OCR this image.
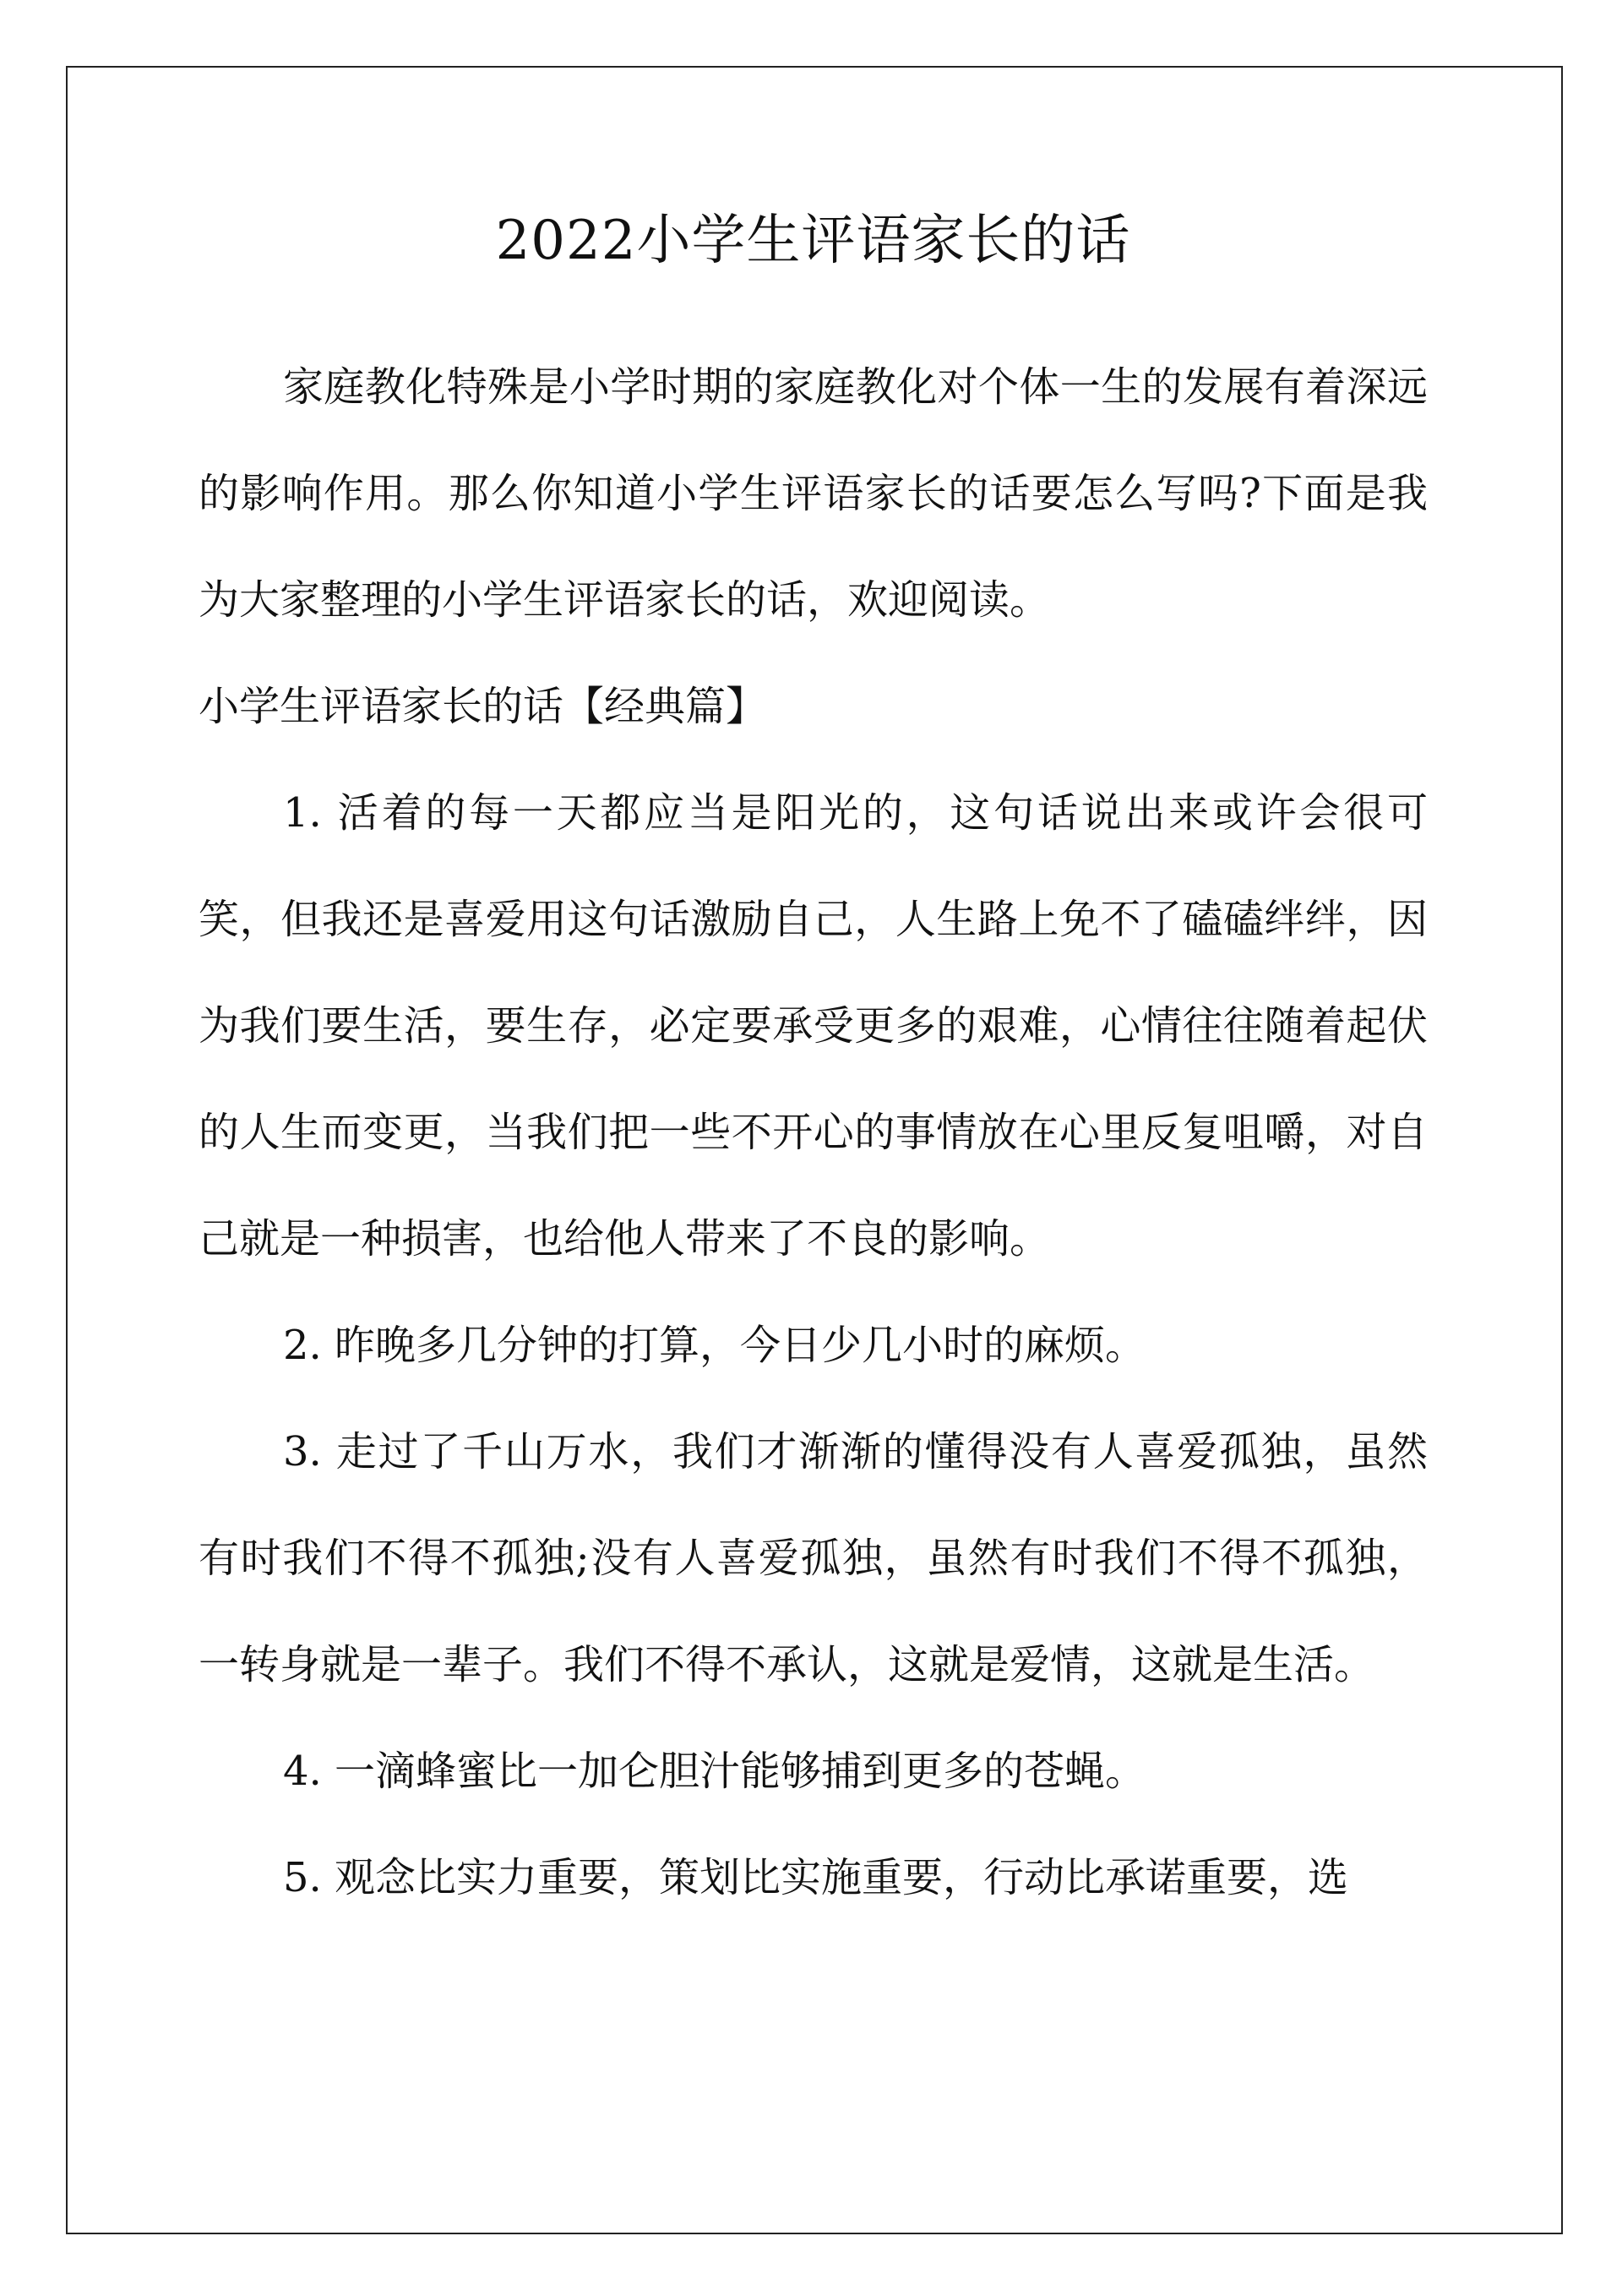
2022小学生评语家长的话

家庭教化特殊是小学时期的家庭教化对个体一生的发展有着深远的影响作用。那么你知道小学生评语家长的话要怎么写吗?下面是我为大家整理的小学生评语家长的话，欢迎阅读。

小学生评语家长的话【经典篇】

1. 活着的每一天都应当是阳光的，这句话说出来或许会很可笑，但我还是喜爱用这句话激励自己，人生路上免不了磕磕绊绊，因为我们要生活，要生存，必定要承受更多的艰难，心情往往随着起伏的人生而变更，当我们把一些不开心的事情放在心里反复咀嚼，对自己就是一种损害，也给他人带来了不良的影响。

2. 昨晚多几分钟的打算，今日少几小时的麻烦。

3. 走过了千山万水，我们才渐渐的懂得没有人喜爱孤独，虽然有时我们不得不孤独;没有人喜爱孤独，虽然有时我们不得不孤独，一转身就是一辈子。我们不得不承认，这就是爱情，这就是生活。

4. 一滴蜂蜜比一加仑胆汁能够捕到更多的苍蝇。

5. 观念比实力重要，策划比实施重要，行动比承诺重要，选
